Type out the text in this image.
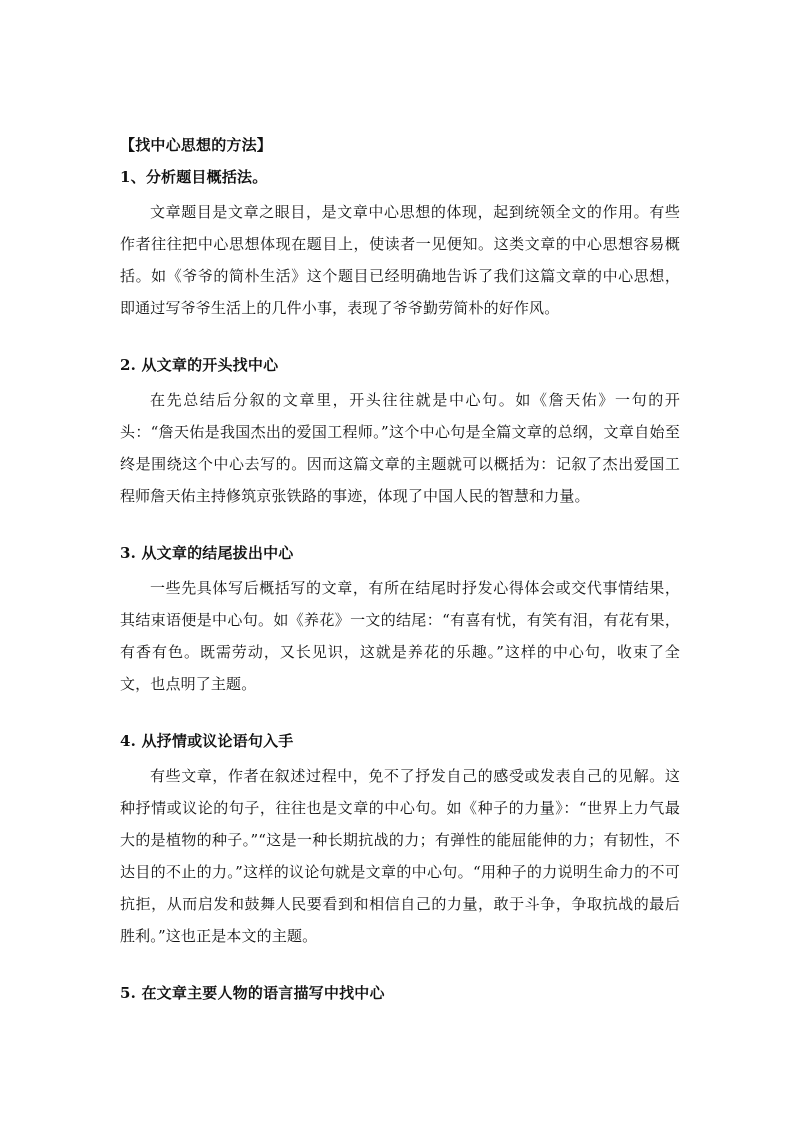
【找中心思想的方法】

1、分析题目概括法。

文章题目是文章之眼目，是文章中心思想的体现，起到统领全文的作用。有些作者往往把中心思想体现在题目上，使读者一见便知。这类文章的中心思想容易概括。如《爷爷的简朴生活》这个题目已经明确地告诉了我们这篇文章的中心思想，即通过写爷爷生活上的几件小事，表现了爷爷勤劳简朴的好作风。

2. 从文章的开头找中心

在先总结后分叙的文章里，开头往往就是中心句。如《詹天佑》一句的开头：“詹天佑是我国杰出的爱国工程师。”这个中心句是全篇文章的总纲，文章自始至终是围绕这个中心去写的。因而这篇文章的主题就可以概括为：记叙了杰出爱国工程师詹天佑主持修筑京张铁路的事迹，体现了中国人民的智慧和力量。

3. 从文章的结尾拔出中心

一些先具体写后概括写的文章，有所在结尾时抒发心得体会或交代事情结果，其结束语便是中心句。如《养花》一文的结尾：“有喜有忧，有笑有泪，有花有果，有香有色。既需劳动，又长见识，这就是养花的乐趣。”这样的中心句，收束了全文，也点明了主题。

4. 从抒情或议论语句入手

有些文章，作者在叙述过程中，免不了抒发自己的感受或发表自己的见解。这种抒情或议论的句子，往往也是文章的中心句。如《种子的力量》：“世界上力气最大的是植物的种子。”“这是一种长期抗战的力；有弹性的能屈能伸的力；有韧性，不达目的不止的力。”这样的议论句就是文章的中心句。“用种子的力说明生命力的不可抗拒，从而启发和鼓舞人民要看到和相信自己的力量，敢于斗争，争取抗战的最后胜利。”这也正是本文的主题。

5. 在文章主要人物的语言描写中找中心
